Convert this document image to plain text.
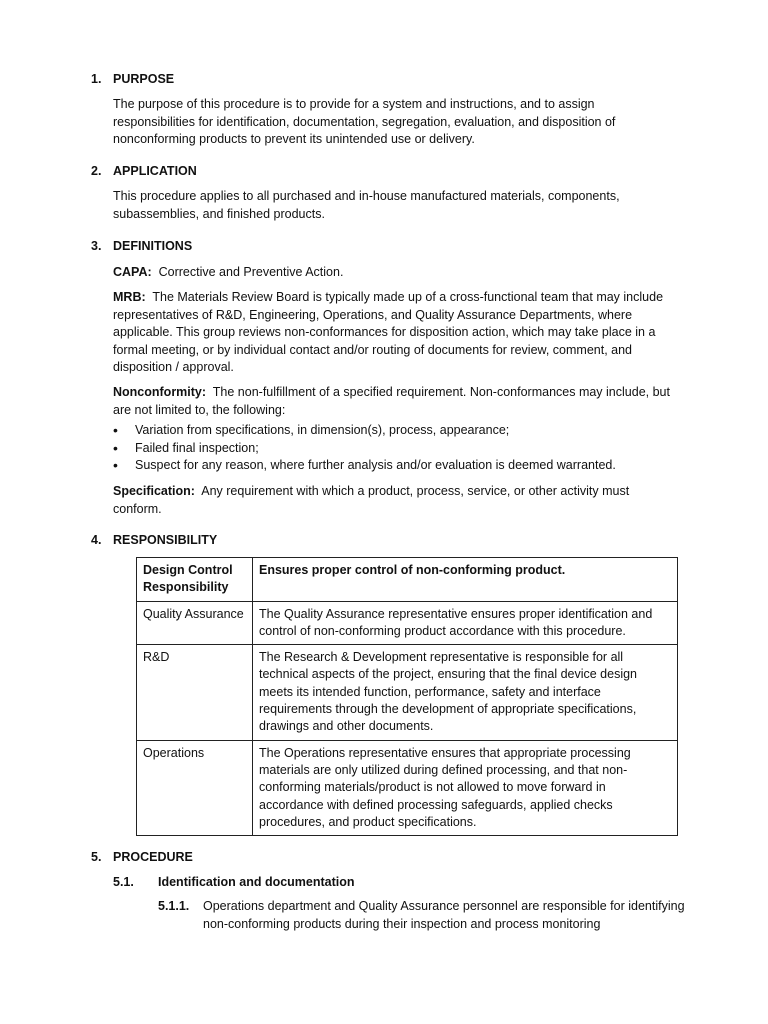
1. PURPOSE
The purpose of this procedure is to provide for a system and instructions, and to assign responsibilities for identification, documentation, segregation, evaluation, and disposition of nonconforming products to prevent its unintended use or delivery.
2. APPLICATION
This procedure applies to all purchased and in-house manufactured materials, components, subassemblies, and finished products.
3. DEFINITIONS
CAPA: Corrective and Preventive Action.
MRB: The Materials Review Board is typically made up of a cross-functional team that may include representatives of R&D, Engineering, Operations, and Quality Assurance Departments, where applicable. This group reviews non-conformances for disposition action, which may take place in a formal meeting, or by individual contact and/or routing of documents for review, comment, and disposition / approval.
Nonconformity: The non-fulfillment of a specified requirement. Non-conformances may include, but are not limited to, the following:
• Variation from specifications, in dimension(s), process, appearance;
• Failed final inspection;
• Suspect for any reason, where further analysis and/or evaluation is deemed warranted.
Specification: Any requirement with which a product, process, service, or other activity must conform.
4. RESPONSIBILITY
Design Control Responsibility	Ensures proper control of non-conforming product.
Quality Assurance	The Quality Assurance representative ensures proper identification and control of non-conforming product accordance with this procedure.
R&D	The Research & Development representative is responsible for all technical aspects of the project, ensuring that the final device design meets its intended function, performance, safety and interface requirements through the development of appropriate specifications, drawings and other documents.
Operations	The Operations representative ensures that appropriate processing materials are only utilized during defined processing, and that non-conforming materials/product is not allowed to move forward in accordance with defined processing safeguards, applied checks procedures, and product specifications.
5. PROCEDURE
5.1. Identification and documentation
5.1.1. Operations department and Quality Assurance personnel are responsible for identifying non-conforming products during their inspection and process monitoring
